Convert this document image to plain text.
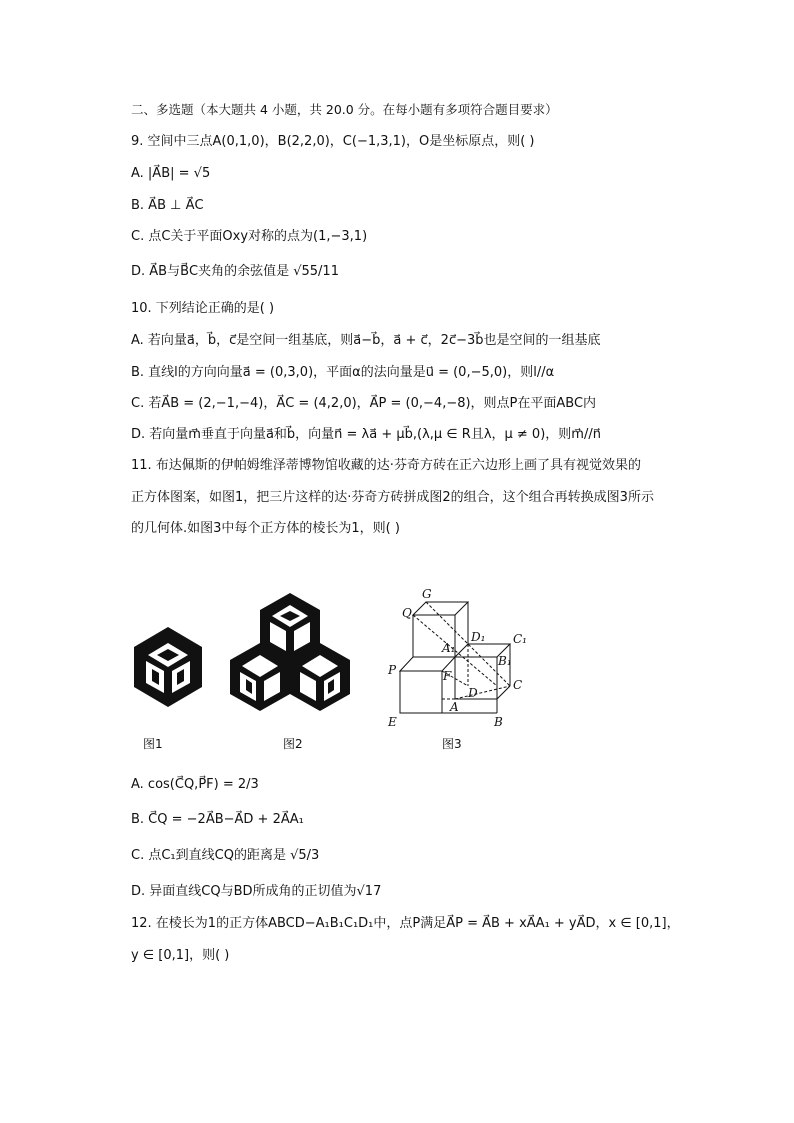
二、多选题（本大题共 4 小题，共 20.0 分。在每小题有多项符合题目要求）
9. 空间中三点A(0,1,0)，B(2,2,0)，C(−1,3,1)，O是坐标原点，则( )
A. |A⃗B| = √5
B. A⃗B ⊥ A⃗C
C. 点C关于平面Oxy对称的点为(1,−3,1)
D. A⃗B与B⃗C夹角的余弦值是 √55/11
10. 下列结论正确的是( )
A. 若向量a⃗，b⃗，c⃗是空间一组基底，则a⃗−b⃗，a⃗ + c⃗，2c⃗−3b⃗也是空间的一组基底
B. 直线l的方向向量a⃗ = (0,3,0)，平面α的法向量是u⃗ = (0,−5,0)，则l//α
C. 若A⃗B = (2,−1,−4)，A⃗C = (4,2,0)，A⃗P = (0,−4,−8)，则点P在平面ABC内
D. 若向量m⃗垂直于向量a⃗和b⃗，向量n⃗ = λa⃗ + μb⃗,(λ,μ ∈ R且λ，μ ≠ 0)，则m⃗//n⃗
11. 布达佩斯的伊帕姆维泽蒂博物馆收藏的达·芬奇方砖在正六边形上画了具有视觉效果的
正方体图案，如图1，把三片这样的达·芬奇方砖拼成图2的组合，这个组合再转换成图3所示
的几何体.如图3中每个正方体的棱长为1，则( )
G
Q
D₁ C₁
A₁
B₁
P	F
D
C
E
A
B
图1	图2	图3
A. cos(C⃗Q,P⃗F) = 2/3
B. C⃗Q = −2A⃗B−A⃗D + 2A⃗A₁
C. 点C₁到直线CQ的距离是 √5/3
D. 异面直线CQ与BD所成角的正切值为√17
12. 在棱长为1的正方体ABCD−A₁B₁C₁D₁中，点P满足A⃗P = A⃗B + xA⃗A₁ + yA⃗D，x ∈ [0,1]，
y ∈ [0,1]，则( )
